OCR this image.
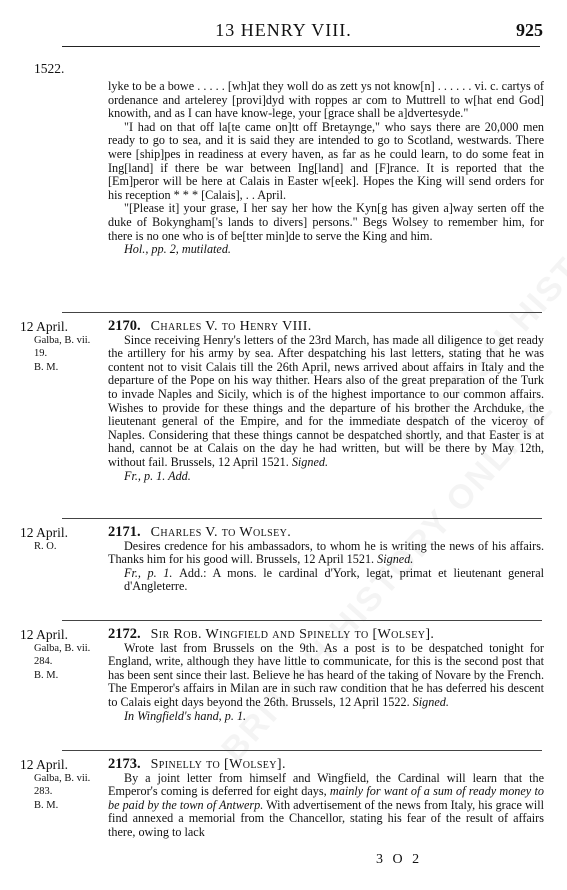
13 HENRY VIII.	925
1522.

lyke to be a bowe . . . . . [wh]at they woll do as zett ys not know[n] . . . . . . vi. c. cartys of ordenance and artelerey [provi]dyd with roppes ar com to Muttrell to w[hat end God] knowith, and as I can have know-lege, your [grace shall be a]dvertesyde."

"I had on that off la[te came on]tt off Bretayngе," who says there are 20,000 men ready to go to sea, and it is said they are intended to go to Scotland, westwards. There were [ship]pes in readiness at every haven, as far as he could learn, to do some feat in Ing[land] if there be war between Ing[land] and [F]rance. It is reported that the [Em]peror will be here at Calais in Easter w[eek]. Hopes the King will send orders for his reception * * * [Calais], . . April.

"[Please it] your grase, I her say her how the Kyn[g has given a]way serten off the duke of Bokyngham['s lands to divers] persons." Begs Wolsey to remember him, for there is no one who is of be[tter min]de to serve the King and him.

Hol., pp. 2, mutilated.

12 April.
Galba, B. vii.
19.
B. M.

2170. Charles V. to Henry VIII.

Since receiving Henry's letters of the 23rd March, has made all diligence to get ready the artillery for his army by sea. After despatching his last letters, stating that he was content not to visit Calais till the 26th April, news arrived about affairs in Italy and the departure of the Pope on his way thither. Hears also of the great preparation of the Turk to invade Naples and Sicily, which is of the highest importance to our common affairs. Wishes to provide for these things and the departure of his brother the Archduke, the lieutenant general of the Empire, and for the immediate despatch of the viceroy of Naples. Considering that these things cannot be despatched shortly, and that Easter is at hand, cannot be at Calais on the day he had written, but will be there by May 12th, without fail. Brussels, 12 April 1521. Signed.

Fr., p. 1. Add.

12 April.
R. O.

2171. Charles V. to Wolsey.

Desires credence for his ambassadors, to whom he is writing the news of his affairs. Thanks him for his good will. Brussels, 12 April 1521. Signed.

Fr., p. 1. Add.: A mons. le cardinal d'York, legat, primat et lieutenant general d'Angleterre.

12 April.
Galba, B. vii.
284.
B. M.

2172. Sir Rob. Wingfield and Spinelly to [Wolsey].

Wrote last from Brussels on the 9th. As a post is to be despatched tonight for England, write, although they have little to communicate, for this is the second post that has been sent since their last. Believe he has heard of the taking of Novare by the French. The Emperor's affairs in Milan are in such raw condition that he has deferred his descent to Calais eight days beyond the 26th. Brussels, 12 April 1522. Signed.

In Wingfield's hand, p. 1.

12 April.
Galba, B. vii.
283.
B. M.

2173. Spinelly to [Wolsey].

By a joint letter from himself and Wingfield, the Cardinal will learn that the Emperor's coming is deferred for eight days, mainly for want of a sum of ready money to be paid by the town of Antwerp. With advertisement of the news from Italy, his grace will find annexed a memorial from the Chancellor, stating his fear of the result of affairs there, owing to lack

3 O 2
